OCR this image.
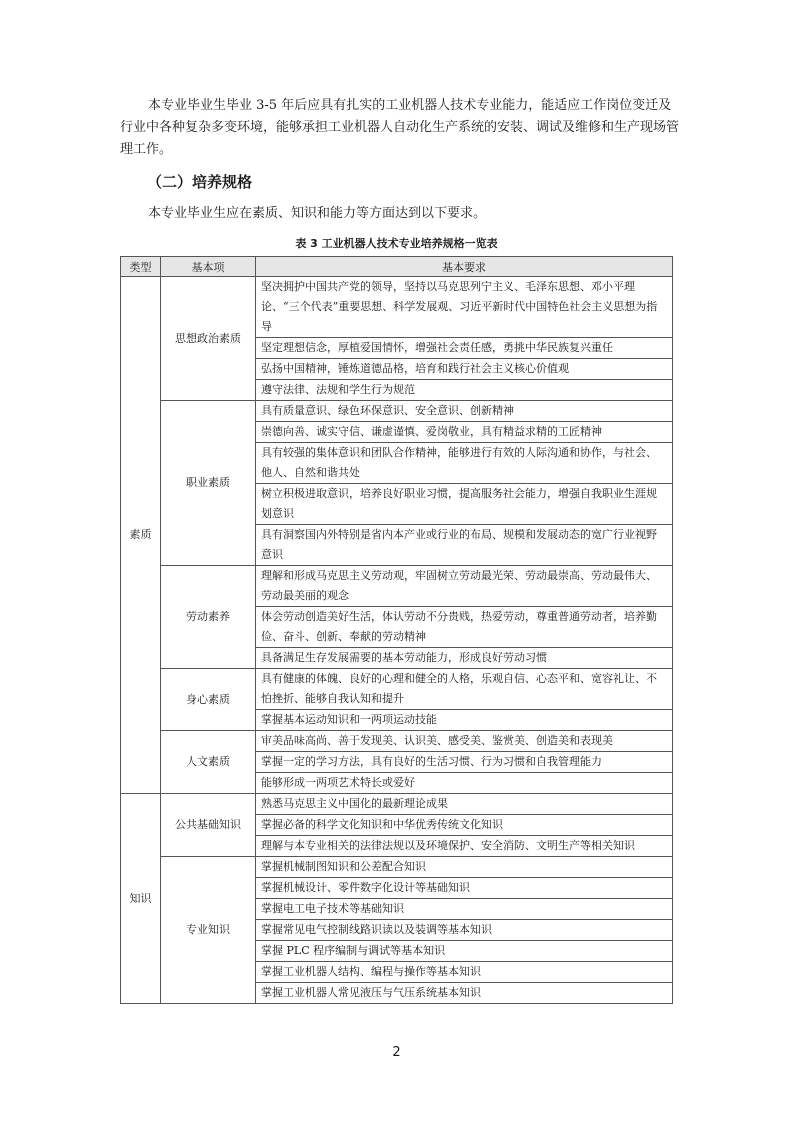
本专业毕业生毕业 3-5 年后应具有扎实的工业机器人技术专业能力，能适应工作岗位变迁及行业中各种复杂多变环境，能够承担工业机器人自动化生产系统的安装、调试及维修和生产现场管理工作。

（二）培养规格

本专业毕业生应在素质、知识和能力等方面达到以下要求。

表 3 工业机器人技术专业培养规格一览表
类型	基本项	基本要求
素质	思想政治素质	坚决拥护中国共产党的领导，坚持以马克思列宁主义、毛泽东思想、邓小平理论、“三个代表”重要思想、科学发展观、习近平新时代中国特色社会主义思想为指导
		坚定理想信念，厚植爱国情怀，增强社会责任感，勇挑中华民族复兴重任
		弘扬中国精神，锤炼道德品格，培育和践行社会主义核心价值观
		遵守法律、法规和学生行为规范
	职业素质	具有质量意识、绿色环保意识、安全意识、创新精神
		崇德向善、诚实守信、谦虚谨慎、爱岗敬业，具有精益求精的工匠精神
		具有较强的集体意识和团队合作精神，能够进行有效的人际沟通和协作，与社会、他人、自然和谐共处
		树立积极进取意识，培养良好职业习惯，提高服务社会能力，增强自我职业生涯规划意识
		具有洞察国内外特别是省内本产业或行业的布局、规模和发展动态的宽广行业视野意识
	劳动素养	理解和形成马克思主义劳动观，牢固树立劳动最光荣、劳动最崇高、劳动最伟大、劳动最美丽的观念
		体会劳动创造美好生活，体认劳动不分贵贱，热爱劳动，尊重普通劳动者，培养勤俭、奋斗、创新、奉献的劳动精神
		具备满足生存发展需要的基本劳动能力，形成良好劳动习惯
	身心素质	具有健康的体魄、良好的心理和健全的人格，乐观自信、心态平和、宽容礼让、不怕挫折、能够自我认知和提升
		掌握基本运动知识和一两项运动技能
	人文素质	审美品味高尚、善于发现美、认识美、感受美、鉴赏美、创造美和表现美
		掌握一定的学习方法，具有良好的生活习惯、行为习惯和自我管理能力
		能够形成一两项艺术特长或爱好
知识	公共基础知识	熟悉马克思主义中国化的最新理论成果
		掌握必备的科学文化知识和中华优秀传统文化知识
		理解与本专业相关的法律法规以及环境保护、安全消防、文明生产等相关知识
	专业知识	掌握机械制图知识和公差配合知识
		掌握机械设计、零件数字化设计等基础知识
		掌握电工电子技术等基础知识
		掌握常见电气控制线路识读以及装调等基本知识
		掌握 PLC 程序编制与调试等基本知识
		掌握工业机器人结构、编程与操作等基本知识
		掌握工业机器人常见液压与气压系统基本知识
2
